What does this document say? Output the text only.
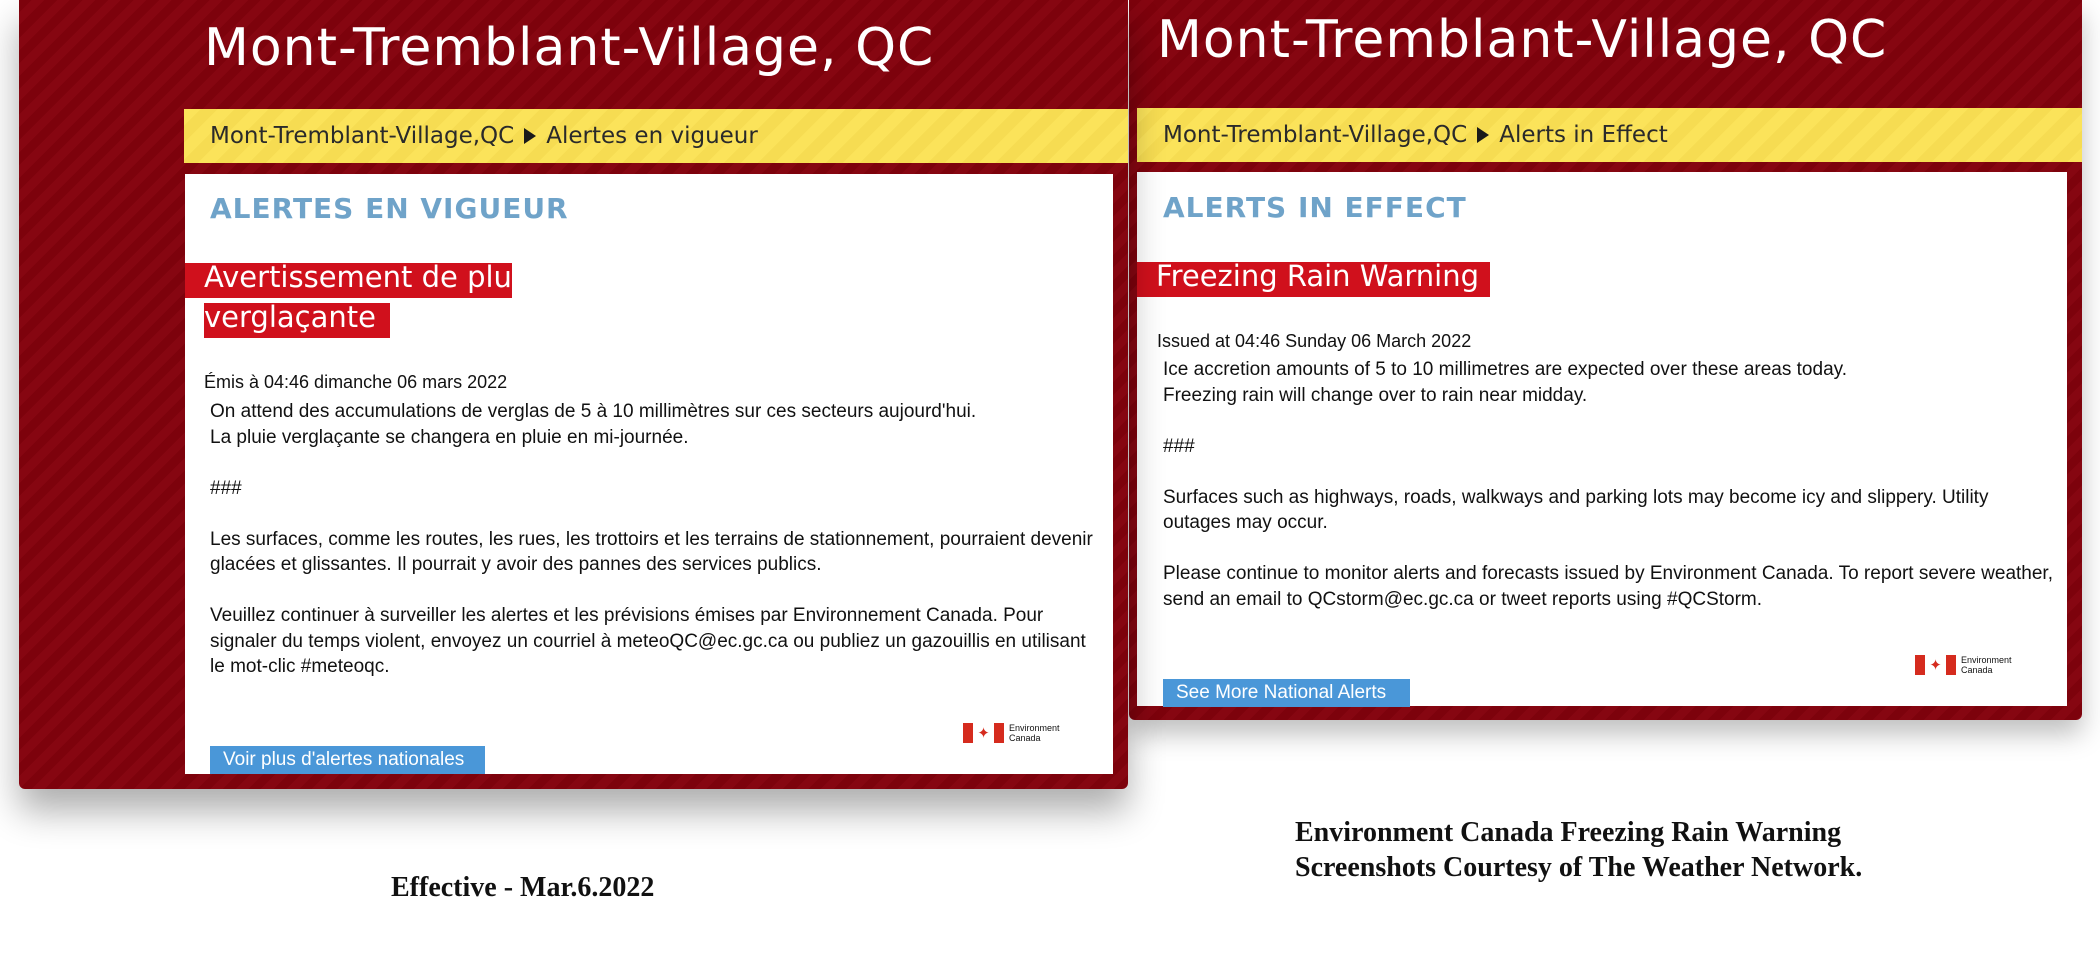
Mont-Tremblant-Village, QC
Mont-Tremblant-Village,QC Alertes en vigueur
ALERTES EN VIGUEUR

Avertissement de pluie

verglaçante

Émis à 04:46 dimanche 06 mars 2022

On attend des accumulations de verglas de 5 à 10 millimètres sur ces secteurs aujourd'hui.
La pluie verglaçante se changera en pluie en mi-journée.

###

Les surfaces, comme les routes, les rues, les trottoirs et les terrains de stationnement, pourraient devenir
glacées et glissantes. Il pourrait y avoir des pannes des services publics.

Veuillez continuer à surveiller les alertes et les prévisions émises par Environnement Canada. Pour
signaler du temps violent, envoyez un courriel à meteoQC@ec.gc.ca ou publiez un gazouillis en utilisant
le mot-clic #meteoqc.

✦	Environment
Canada
Voir plus d'alertes nationales
Mont-Tremblant-Village, QC
Mont-Tremblant-Village,QC Alerts in Effect
ALERTS IN EFFECT

Freezing Rain Warning

Issued at 04:46 Sunday 06 March 2022

Ice accretion amounts of 5 to 10 millimetres are expected over these areas today.
Freezing rain will change over to rain near midday.

###

Surfaces such as highways, roads, walkways and parking lots may become icy and slippery. Utility
outages may occur.

Please continue to monitor alerts and forecasts issued by Environment Canada. To report severe weather,
send an email to QCstorm@ec.gc.ca or tweet reports using #QCStorm.

✦	Environment
Canada
See More National Alerts

Effective - Mar.6.2022

Environment Canada Freezing Rain Warning
Screenshots Courtesy of The Weather Network.
